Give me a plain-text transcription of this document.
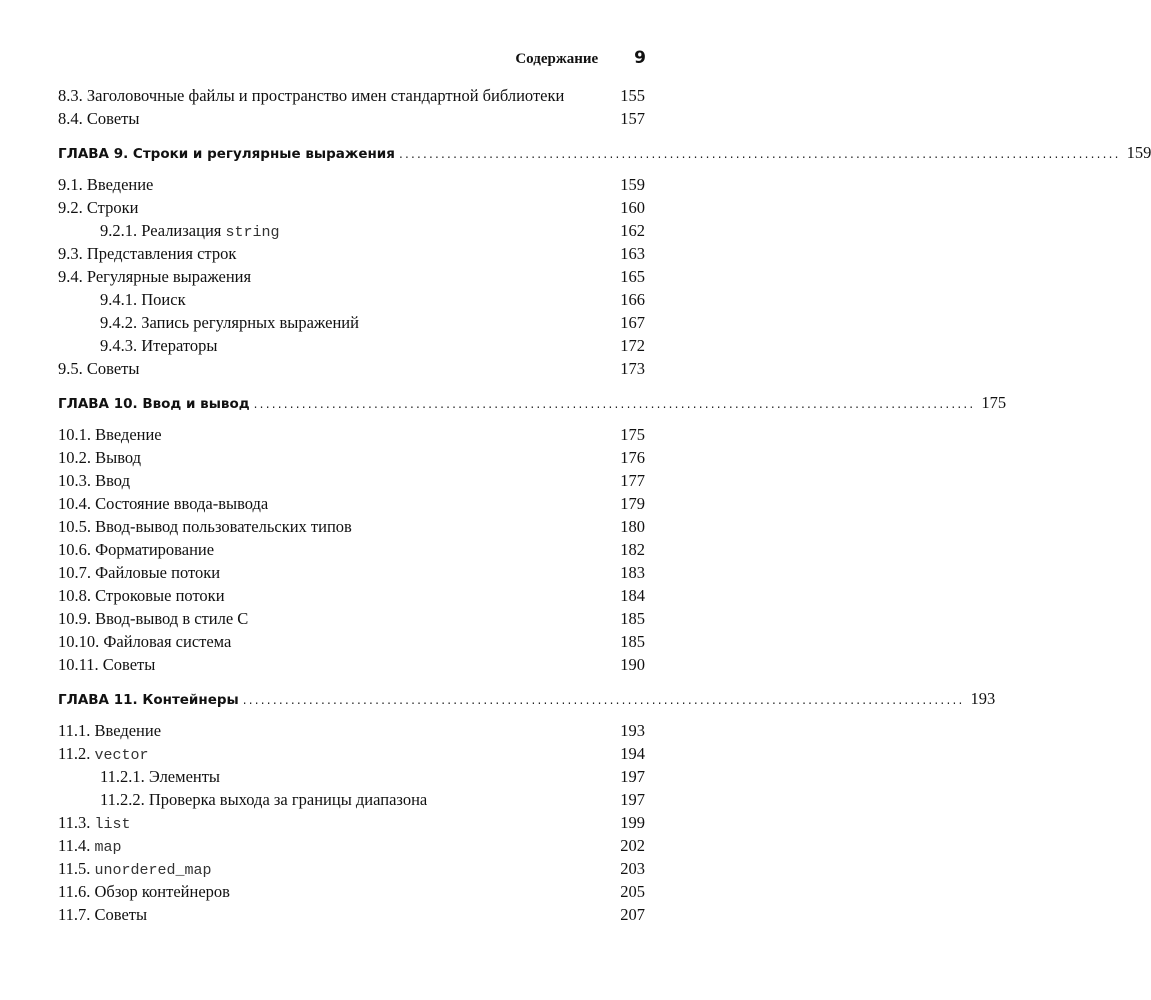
Содержание 9
8.3. Заголовочные файлы и пространство имен стандартной библиотеки	155
8.4. Советы	157
ГЛАВА 9. Строки и регулярные выражения ........................................................................................................................ 159
9.1. Введение	159
9.2. Строки	160
9.2.1. Реализация string	162
9.3. Представления строк	163
9.4. Регулярные выражения	165
9.4.1. Поиск	166
9.4.2. Запись регулярных выражений	167
9.4.3. Итераторы	172
9.5. Советы	173
ГЛАВА 10. Ввод и вывод ........................................................................................................................ 175
10.1. Введение	175
10.2. Вывод	176
10.3. Ввод	177
10.4. Состояние ввода-вывода	179
10.5. Ввод-вывод пользовательских типов	180
10.6. Форматирование	182
10.7. Файловые потоки	183
10.8. Строковые потоки	184
10.9. Ввод-вывод в стиле C	185
10.10. Файловая система	185
10.11. Советы	190
ГЛАВА 11. Контейнеры ........................................................................................................................ 193
11.1. Введение	193
11.2. vector	194
11.2.1. Элементы	197
11.2.2. Проверка выхода за границы диапазона	197
11.3. list	199
11.4. map	202
11.5. unordered_map	203
11.6. Обзор контейнеров	205
11.7. Советы	207
